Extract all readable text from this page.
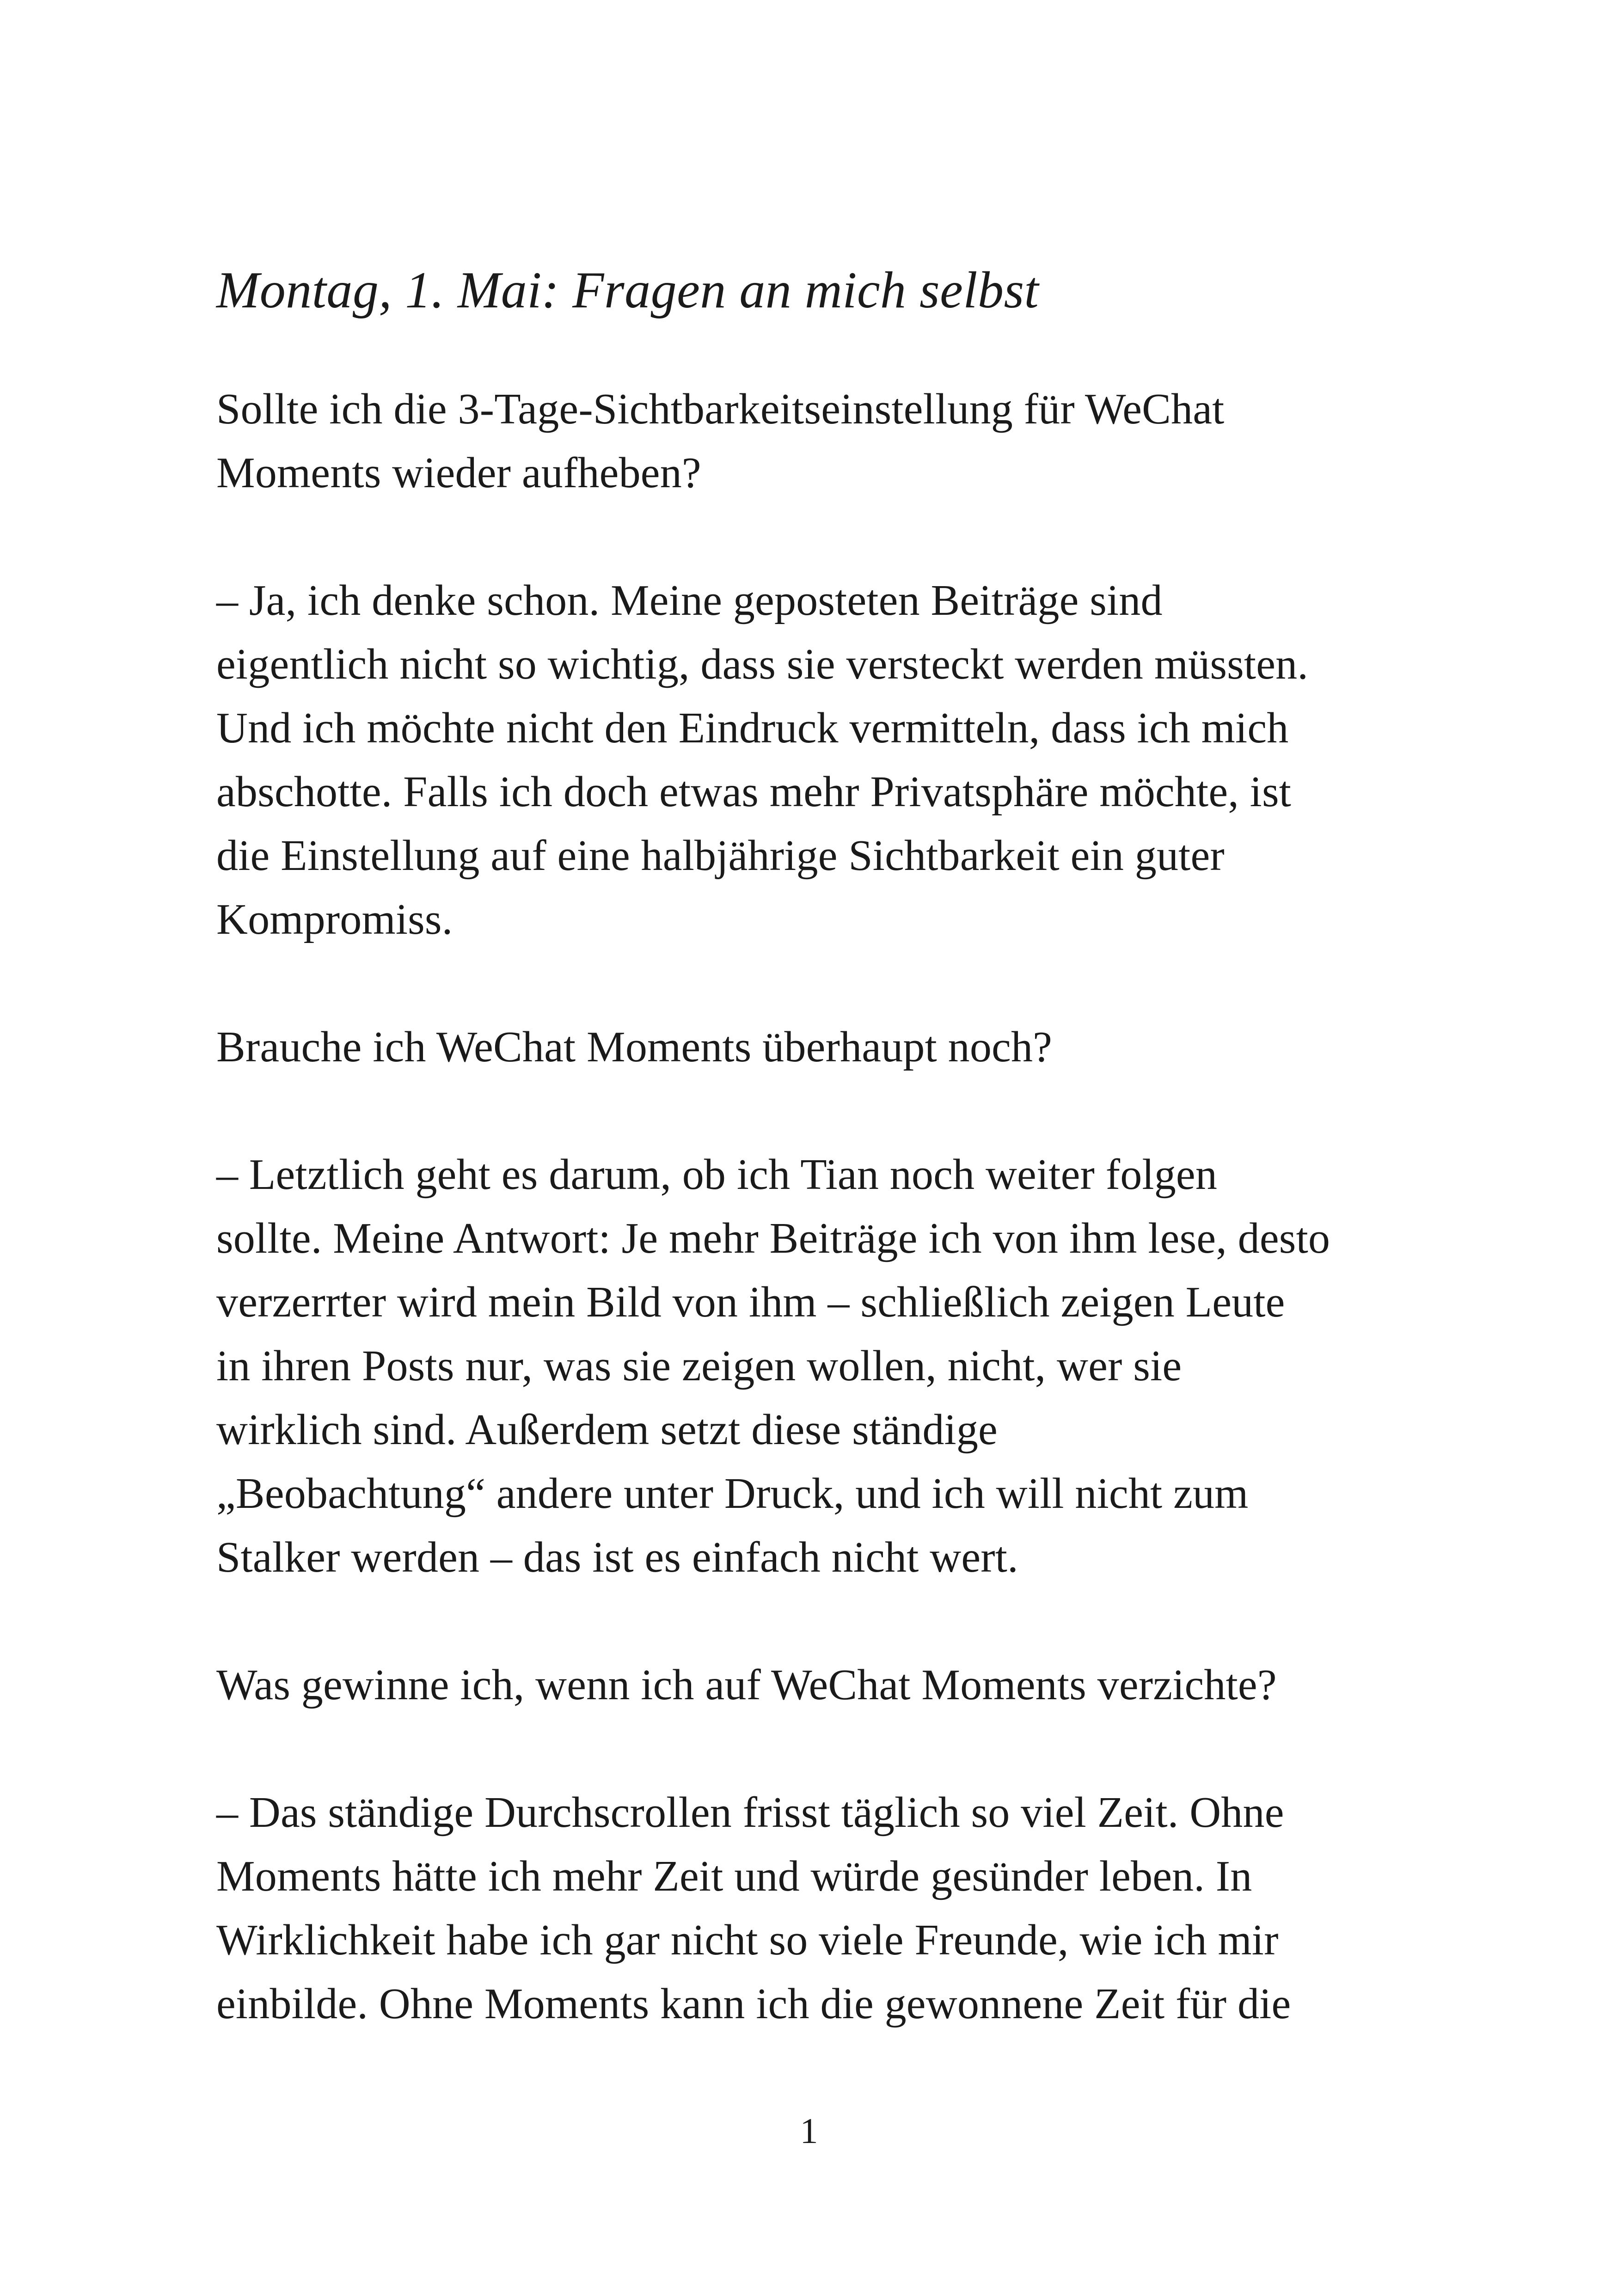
Montag, 1. Mai: Fragen an mich selbst

Sollte ich die 3-Tage-Sichtbarkeitseinstellung für WeChat
Moments wieder aufheben?

– Ja, ich denke schon. Meine geposteten Beiträge sind
eigentlich nicht so wichtig, dass sie versteckt werden müssten.
Und ich möchte nicht den Eindruck vermitteln, dass ich mich
abschotte. Falls ich doch etwas mehr Privatsphäre möchte, ist
die Einstellung auf eine halbjährige Sichtbarkeit ein guter
Kompromiss.

Brauche ich WeChat Moments überhaupt noch?

– Letztlich geht es darum, ob ich Tian noch weiter folgen
sollte. Meine Antwort: Je mehr Beiträge ich von ihm lese, desto
verzerrter wird mein Bild von ihm – schließlich zeigen Leute
in ihren Posts nur, was sie zeigen wollen, nicht, wer sie
wirklich sind. Außerdem setzt diese ständige
„Beobachtung“ andere unter Druck, und ich will nicht zum
Stalker werden – das ist es einfach nicht wert.

Was gewinne ich, wenn ich auf WeChat Moments verzichte?

– Das ständige Durchscrollen frisst täglich so viel Zeit. Ohne
Moments hätte ich mehr Zeit und würde gesünder leben. In
Wirklichkeit habe ich gar nicht so viele Freunde, wie ich mir
einbilde. Ohne Moments kann ich die gewonnene Zeit für die

1
